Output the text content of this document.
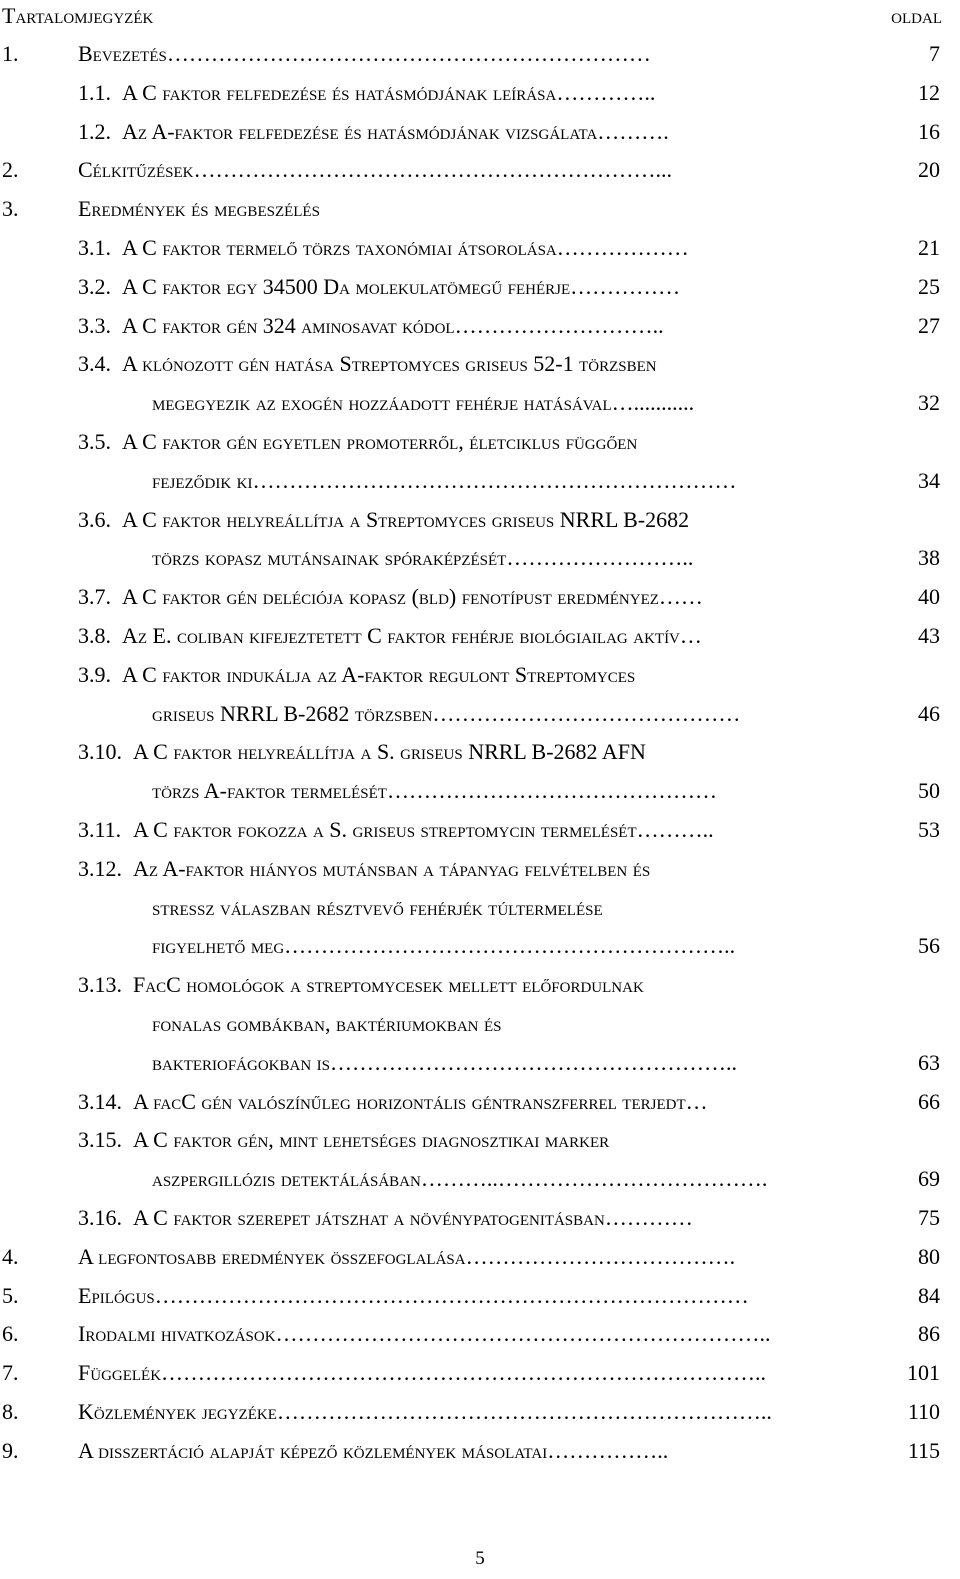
Tartalomjegyzék	oldal
1.	Bevezetés…………………………………………………………	7
1.1. A C faktor felfedezése és hatásmódjának leírása…………..	12
1.2. Az A-faktor felfedezése és hatásmódjának vizsgálata……….	16
2.	Célkitűzések………………………………………………………...	20
3.	Eredmények és megbeszélés
3.1. A C faktor termelő törzs taxonómiai átsorolása………………	21
3.2. A C faktor egy 34500 Da molekulatömegű fehérje……………	25
3.3. A C faktor gén 324 aminosavat kódol………………………..	27
3.4. A klónozott gén hatása Streptomyces griseus 52-1 törzsben
megegyezik az exogén hozzáadott fehérje hatásával…...........	32
3.5. A C faktor gén egyetlen promoterről, életciklus függően
fejeződik ki…………………………………………………………	34
3.6. A C faktor helyreállítja a Streptomyces griseus NRRL B-2682
törzs kopasz mutánsainak spóraképzését……………………..	38
3.7. A C faktor gén deléciója kopasz (bld) fenotípust eredményez……	40
3.8. Az E. coliban kifejeztetett C faktor fehérje biológiailag aktív…	43
3.9. A C faktor indukálja az A-faktor regulont Streptomyces
griseus NRRL B-2682 törzsben……………………………………	46
3.10. A C faktor helyreállítja a S. griseus NRRL B-2682 AFN
törzs A-faktor termelését………………………………………	50
3.11. A C faktor fokozza a S. griseus streptomycin termelését………..	53
3.12. Az A-faktor hiányos mutánsban a tápanyag felvételben és
stressz válaszban résztvevő fehérjék túltermelése
figyelhető meg……………………………………………………..	56
3.13. FacC homológok a streptomycesek mellett előfordulnak
fonalas gombákban, baktériumokban és
bakteriofágokban is………………………………………………..	63
3.14. A facC gén valószínűleg horizontális géntranszferrel terjedt…	66
3.15. A C faktor gén, mint lehetséges diagnosztikai marker
aszpergillózis detektálásában………..……………………………….	69
3.16. A C faktor szerepet játszhat a növénypatogenitásban…………	75
4.	A legfontosabb eredmények összefoglalása……………………………….	80
5.	Epilógus………………………………………………………………………	84
6.	Irodalmi hivatkozások…………………………………………………………..	86
7.	Függelék………………………………………………………………………..	101
8.	Közlemények jegyzéke…………………………………………………………..	110
9.	A disszertáció alapját képező közlemények másolatai……………..	115
5
